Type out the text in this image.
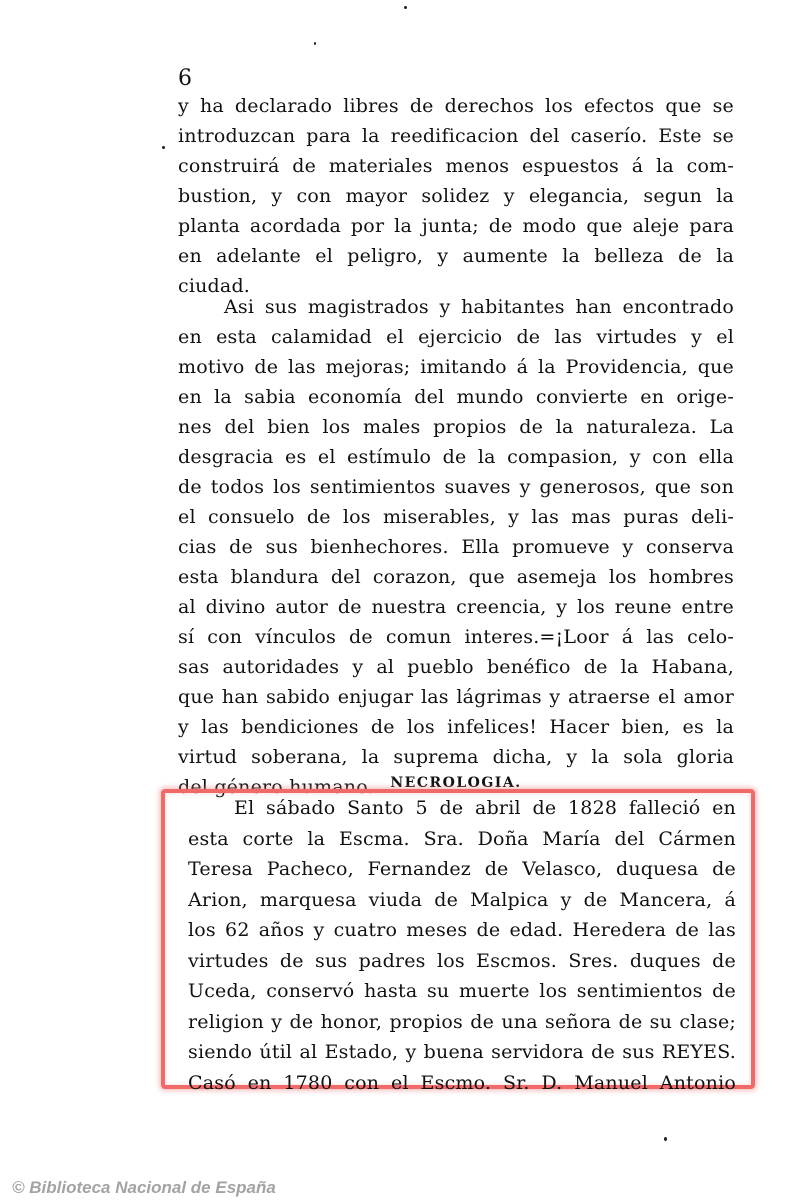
6
y ha declarado libres de derechos los efectos que se
introduzcan para la reedificacion del caserío. Este se
construirá de materiales menos espuestos á la com-
bustion, y con mayor solidez y elegancia, segun la
planta acordada por la junta; de modo que aleje para
en adelante el peligro, y aumente la belleza de la
ciudad.
Asi sus magistrados y habitantes han encontrado
en esta calamidad el ejercicio de las virtudes y el
motivo de las mejoras; imitando á la Providencia, que
en la sabia economía del mundo convierte en orige-
nes del bien los males propios de la naturaleza. La
desgracia es el estímulo de la compasion, y con ella
de todos los sentimientos suaves y generosos, que son
el consuelo de los miserables, y las mas puras deli-
cias de sus bienhechores. Ella promueve y conserva
esta blandura del corazon, que asemeja los hombres
al divino autor de nuestra creencia, y los reune entre
sí con vínculos de comun interes.=¡Loor á las celo-
sas autoridades y al pueblo benéfico de la Habana,
que han sabido enjugar las lágrimas y atraerse el amor
y las bendiciones de los infelices! Hacer bien, es la
virtud soberana, la suprema dicha, y la sola gloria
del género humano.	NECROLOGIA.
El sábado Santo 5 de abril de 1828 falleció en
esta corte la Escma. Sra. Doña María del Cármen
Teresa Pacheco, Fernandez de Velasco, duquesa de
Arion, marquesa viuda de Malpica y de Mancera, á
los 62 años y cuatro meses de edad. Heredera de las
virtudes de sus padres los Escmos. Sres. duques de
Uceda, conservó hasta su muerte los sentimientos de
religion y de honor, propios de una señora de su clase;
siendo útil al Estado, y buena servidora de sus REYES.
Casó en 1780 con el Escmo. Sr. D. Manuel Antonio
© Biblioteca Nacional de España
